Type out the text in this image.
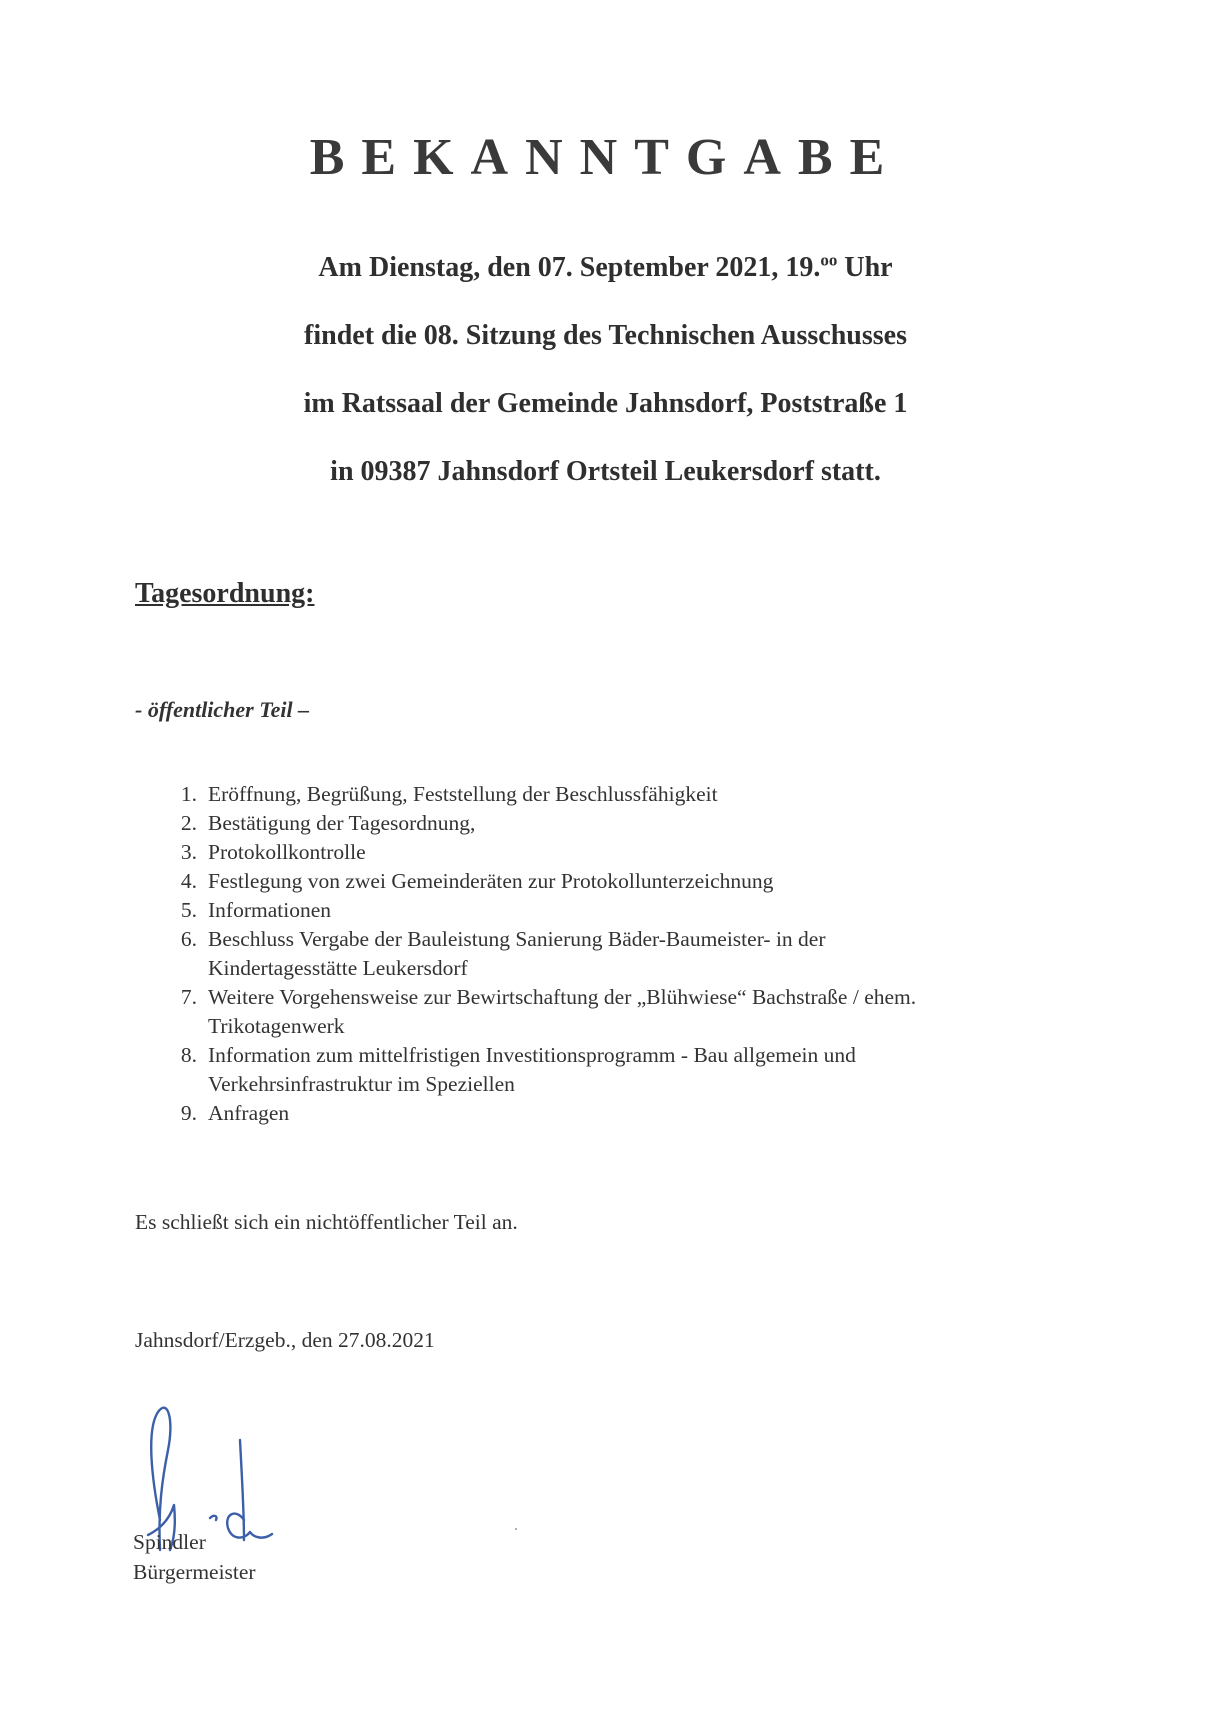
BEKANNTGABE

Am Dienstag, den 07. September 2021, 19.$^{oo}$ Uhr

findet die 08. Sitzung des Technischen Ausschusses

im Ratssaal der Gemeinde Jahnsdorf, Poststraße 1

in 09387 Jahnsdorf Ortsteil Leukersdorf statt.

Tagesordnung:

- öffentlicher Teil –

1. Eröffnung, Begrüßung, Feststellung der Beschlussfähigkeit
2. Bestätigung der Tagesordnung,
3. Protokollkontrolle
4. Festlegung von zwei Gemeinderäten zur Protokollunterzeichnung
5. Informationen
6. Beschluss Vergabe der Bauleistung Sanierung Bäder-Baumeister- in der
Kindertagesstätte Leukersdorf
7. Weitere Vorgehensweise zur Bewirtschaftung der „Blühwiese“ Bachstraße / ehem.
Trikotagenwerk
8. Information zum mittelfristigen Investitionsprogramm - Bau allgemein und
Verkehrsinfrastruktur im Speziellen
9. Anfragen

Es schließt sich ein nichtöffentlicher Teil an.

Jahnsdorf/Erzgeb., den 27.08.2021

Spindler

Bürgermeister
